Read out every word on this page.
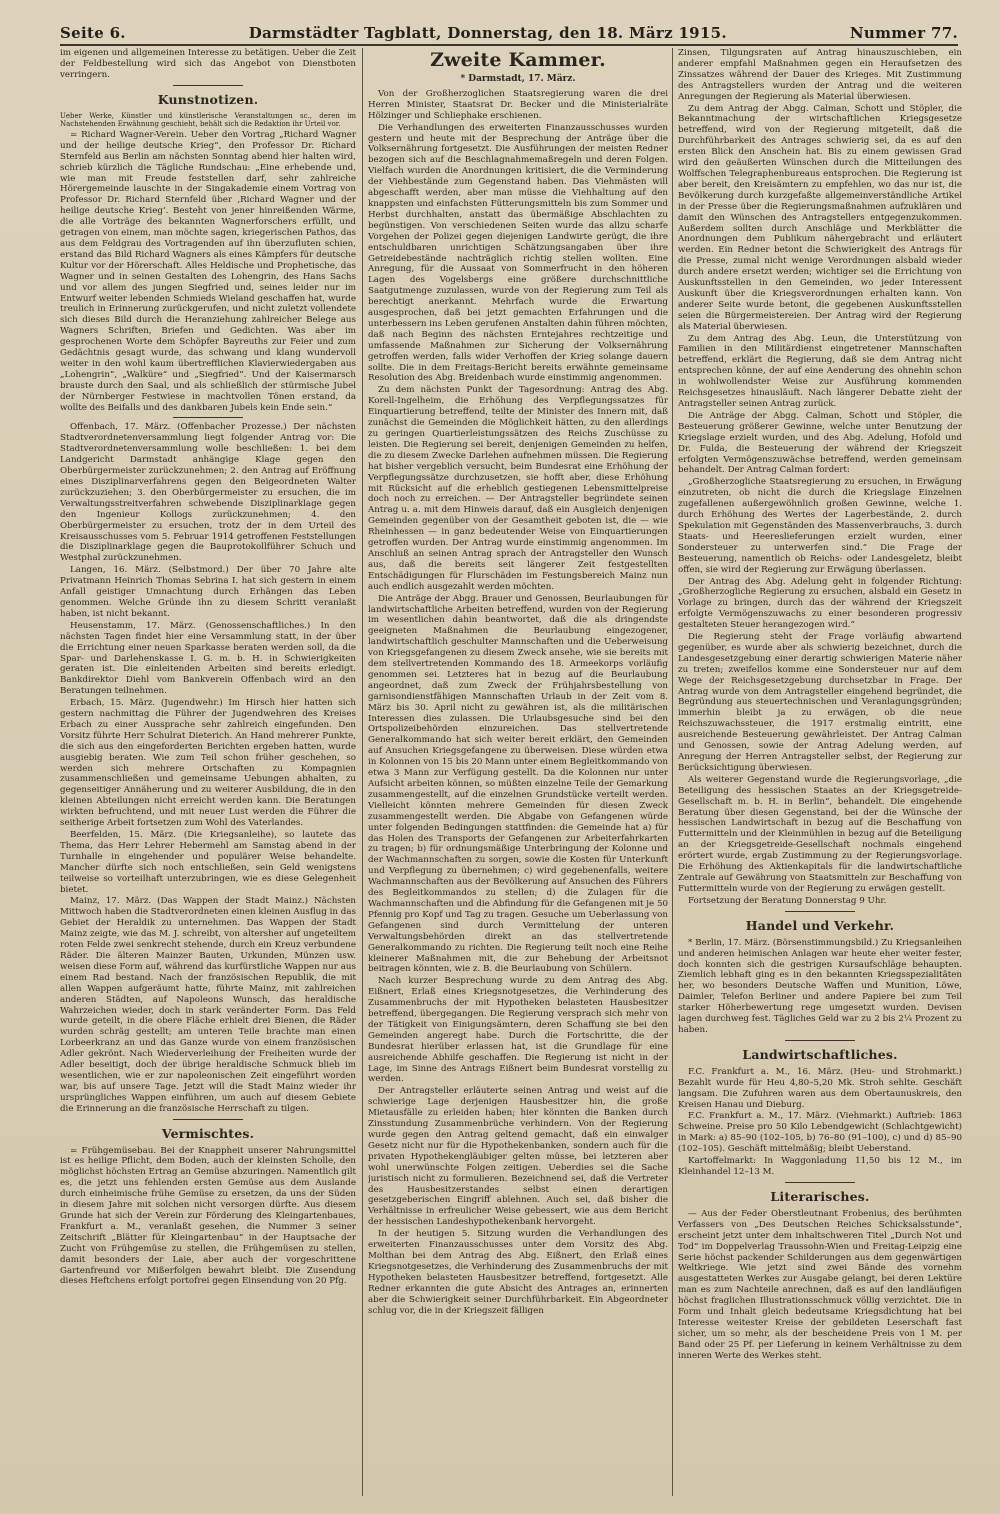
Seite 6.	Darmstädter Tagblatt, Donnerstag, den 18. März 1915.	Nummer 77.

im eigenen und allgemeinen Interesse zu betätigen. Ueber die Zeit der Feldbestellung wird sich das Angebot von Dienstboten verringern.

Kunstnotizen.

Ueber Werke, Künstler und künstlerische Veranstaltungen sc., deren im Nachstehenden Erwähnung geschieht, behält sich die Redaktion ihr Urteil vor.

= Richard Wagner-Verein. Ueber den Vortrag „Richard Wagner und der heilige deutsche Krieg“, den Professor Dr. Richard Sternfeld aus Berlin am nächsten Sonntag abend hier halten wird, schrieb kürzlich die Tägliche Rundschau: „Eine erhebende und, wie man mit Freude feststellen darf, sehr zahlreiche Hörergemeinde lauschte in der Singakademie einem Vortrag von Professor Dr. Richard Sternfeld über ‚Richard Wagner und der heilige deutsche Krieg‘. Besteht von jener hinreißenden Wärme, die alle Vorträge des bekannten Wagnerforschers erfüllt, und getragen von einem, man möchte sagen, kriegerischen Pathos, das aus dem Feldgrau des Vortragenden auf ihn überzufluten schien, erstand das Bild Richard Wagners als eines Kämpfers für deutsche Kultur vor der Hörerschaft. Alles Heldische und Prophetische, das Wagner und in seinen Gestalten des Lohengrin, des Hans Sachs und vor allem des jungen Siegfried und, seines leider nur im Entwurf weiter lebenden Schmieds Wieland geschaffen hat, wurde treulich in Erinnerung zurückgerufen, und nicht zuletzt vollendete sich dieses Bild durch die Heranziehung zahlreicher Belege aus Wagners Schriften, Briefen und Gedichten. Was aber im gesprochenen Worte dem Schöpfer Bayreuths zur Feier und zum Gedächtnis gesagt wurde, das schwang und klang wundervoll weiter in den wohl kaum übertrefflichen Klavierwiedergaben aus „Lohengrin“, „Walküre“ und „Siegfried“. Und der Kaisermarsch brauste durch den Saal, und als schließlich der stürmische Jubel der Nürnberger Festwiese in machtvollen Tönen erstand, da wollte des Beifalls und des dankbaren Jubels kein Ende sein.“

Offenbach, 17. März. (Offenbacher Prozesse.) Der nächsten Stadtverordnetenversammlung liegt folgender Antrag vor: Die Stadtverordnetenversammlung wolle beschließen: 1. bei dem Landgericht Darmstadt anhängige Klage gegen den Oberbürgermeister zurückzunehmen; 2. den Antrag auf Eröffnung eines Disziplinarverfahrens gegen den Beigeordneten Walter zurückzuziehen; 3. den Oberbürgermeister zu ersuchen, die im Verwaltungsstreitverfahren schwebende Disziplinarklage gegen den Ingenieur Kollogs zurückzunehmen; 4. den Oberbürgermeister zu ersuchen, trotz der in dem Urteil des Kreisausschusses vom 5. Februar 1914 getroffenen Feststellungen die Disziplinarklage gegen die Bauprotokollführer Schuch und Westphal zurückzunehmen.

Langen, 16. März. (Selbstmord.) Der über 70 Jahre alte Privatmann Heinrich Thomas Sebrina I. hat sich gestern in einem Anfall geistiger Umnachtung durch Erhängen das Leben genommen. Welche Gründe ihn zu diesem Schritt veranlaßt haben, ist nicht bekannt.

Heusenstamm, 17. März. (Genossenschaftliches.) In den nächsten Tagen findet hier eine Versammlung statt, in der über die Errichtung einer neuen Sparkasse beraten werden soll, da die Spar- und Darlehenskasse I. G. m. b. H. in Schwierigkeiten geraten ist. Die einleitenden Arbeiten sind bereits erledigt. Bankdirektor Diehl vom Bankverein Offenbach wird an den Beratungen teilnehmen.

Erbach, 15. März. (Jugendwehr.) Im Hirsch hier hatten sich gestern nachmittag die Führer der Jugendwehren des Kreises Erbach zu einer Aussprache sehr zahlreich eingefunden. Den Vorsitz führte Herr Schulrat Dieterich. An Hand mehrerer Punkte, die sich aus den eingeforderten Berichten ergeben hatten, wurde ausgiebig beraten. Wie zum Teil schon früher geschehen, so werden sich mehrere Ortschaften zu Kompagnien zusammenschließen und gemeinsame Uebungen abhalten, zu gegenseitiger Annäherung und zu weiterer Ausbildung, die in den kleinen Abteilungen nicht erreicht werden kann. Die Beratungen wirkten befruchtend, und mit neuer Lust werden die Führer die seitherige Arbeit fortsetzen zum Wohl des Vaterlandes.

Beerfelden, 15. März. (Die Kriegsanleihe), so lautete das Thema, das Herr Lehrer Hebermehl am Samstag abend in der Turnhalle in eingehender und populärer Weise behandelte. Mancher dürfte sich noch entschließen, sein Geld wenigstens teilweise so vorteilhaft unterzubringen, wie es diese Gelegenheit bietet.

Mainz, 17. März. (Das Wappen der Stadt Mainz.) Nächsten Mittwoch haben die Stadtverordneten einen kleinen Ausflug in das Gebiet der Heraldik zu unternehmen. Das Wappen der Stadt Mainz zeigte, wie das M. J. schreibt, von altersher auf ungeteiltem roten Felde zwei senkrecht stehende, durch ein Kreuz verbundene Räder. Die älteren Mainzer Bauten, Urkunden, Münzen usw. weisen diese Form auf, während das kurfürstliche Wappen nur aus einem Rad bestand. Nach der französischen Republik, die mit allen Wappen aufgeräumt hatte, führte Mainz, mit zahlreichen anderen Städten, auf Napoleons Wunsch, das heraldische Wahrzeichen wieder, doch in stark veränderter Form. Das Feld wurde geteilt, in die obere Fläche erhielt drei Bienen, die Räder wurden schräg gestellt; am unteren Teile brachte man einen Lorbeerkranz an und das Ganze wurde von einem französischen Adler gekrönt. Nach Wiederverleihung der Freiheiten wurde der Adler beseitigt, doch der übrige heraldische Schmuck blieb im wesentlichen, wie er zur napoleonischen Zeit eingeführt worden war, bis auf unsere Tage. Jetzt will die Stadt Mainz wieder ihr ursprüngliches Wappen einführen, um auch auf diesem Gebiete die Erinnerung an die französische Herrschaft zu tilgen.

Vermischtes.

= Frühgemüsebau. Bei der Knappheit unserer Nahrungsmittel ist es heilige Pflicht, dem Boden, auch der kleinsten Scholle, den möglichst höchsten Ertrag an Gemüse abzuringen. Namentlich gilt es, die jetzt uns fehlenden ersten Gemüse aus dem Auslande durch einheimische frühe Gemüse zu ersetzen, da uns der Süden in diesem Jahre mit solchen nicht versorgen dürfte. Aus diesem Grunde hat sich der Verein zur Förderung des Kleingartenbaues, Frankfurt a. M., veranlaßt gesehen, die Nummer 3 seiner Zeitschrift „Blätter für Kleingartenbau“ in der Hauptsache der Zucht von Frühgemüse zu stellen, die Frühgemüsen zu stellen, damit besonders der Laie, aber auch der vorgeschrittene Gartenfreund vor Mißerfolgen bewahrt bleibt. Die Zusendung dieses Heftchens erfolgt portofrei gegen Einsendung von 20 Pfg.

Zweite Kammer.
* Darmstadt, 17. März.

Von der Großherzoglichen Staatsregierung waren die drei Herren Minister, Staatsrat Dr. Becker und die Ministerialräte Hölzinger und Schliephake erschienen.

Die Verhandlungen des erweiterten Finanzausschusses wurden gestern und heute mit der Besprechung der Anträge über die Volksernährung fortgesetzt. Die Ausführungen der meisten Redner bezogen sich auf die Beschlagnahmemaßregeln und deren Folgen. Vielfach wurden die Anordnungen kritisiert, die die Verminderung der Viehbestände zum Gegenstand haben. Das Viehmästen will abgeschafft werden, aber man müsse die Viehhaltung auf den knappsten und einfachsten Fütterungsmitteln bis zum Sommer und Herbst durchhalten, anstatt das übermäßige Abschlachten zu begünstigen. Von verschiedenen Seiten wurde das allzu scharfe Vorgehen der Polizei gegen diejenigen Landwirte gerügt, die ihre entschuldbaren unrichtigen Schätzungsangaben über ihre Getreidebestände nachträglich richtig stellen wollten. Eine Anregung, für die Aussaat von Sommerfrucht in den höheren Lagen des Vogelsbergs eine größere durchschnittliche Saatgutmenge zuzulassen, wurde von der Regierung zum Teil als berechtigt anerkannt. Mehrfach wurde die Erwartung ausgesprochen, daß bei jetzt gemachten Erfahrungen und die unterbessern ins Leben gerufenen Anstalten dahin führen möchten, daß nach Beginn des nächsten Erntejahres rechtzeitige und umfassende Maßnahmen zur Sicherung der Volksernährung getroffen werden, falls wider Verhoffen der Krieg solange dauern sollte. Die in dem Freitags-Bericht bereits erwähnte gemeinsame Resolution des Abg. Breidenbach wurde einstimmig angenommen.

Zu dem nächsten Punkt der Tagesordnung: Antrag des Abg. Korell-Ingelheim, die Erhöhung des Verpflegungssatzes für Einquartierung betreffend, teilte der Minister des Innern mit, daß zunächst die Gemeinden die Möglichkeit hätten, zu den allerdings zu geringen Quartierleistungssätzen des Reichs Zuschüsse zu leisten. Die Regierung sei bereit, denjenigen Gemeinden zu helfen, die zu diesem Zwecke Darlehen aufnehmen müssen. Die Regierung hat bisher vergeblich versucht, beim Bundesrat eine Erhöhung der Verpflegungssätze durchzusetzen, sie hofft aber, diese Erhöhung mit Rücksicht auf die erheblich gestiegenen Lebensmittelpreise doch noch zu erreichen. — Der Antragsteller begründete seinen Antrag u. a. mit dem Hinweis darauf, daß ein Ausgleich denjenigen Gemeinden gegenüber von der Gesamtheit geboten ist, die — wie Rheinhessen — in ganz bedeutender Weise von Einquartierungen getroffen wurden. Der Antrag wurde einstimmig angenommen. Im Anschluß an seinen Antrag sprach der Antragsteller den Wunsch aus, daß die bereits seit längerer Zeit festgestellten Entschädigungen für Flurschäden im Festungsbereich Mainz nun auch endlich ausgezahlt werden möchten.

Die Anträge der Abgg. Brauer und Genossen, Beurlaubungen für landwirtschaftliche Arbeiten betreffend, wurden von der Regierung im wesentlichen dahin beantwortet, daß die als dringendste geeigneten Maßnahmen die Beurlaubung eingezogener, landwirtschaftlich geschulter Mannschaften und die Ueberweisung von Kriegsgefangenen zu diesem Zweck ansehe, wie sie bereits mit dem stellvertretenden Kommando des 18. Armeekorps vorläufig genommen sei. Letzteres hat in bezug auf die Beurlaubung angeordnet, daß zum Zweck der Frühjahrsbestellung von garnisondienstfähigen Mannschaften Urlaub in der Zeit vom 8. März bis 30. April nicht zu gewähren ist, als die militärischen Interessen dies zulassen. Die Urlaubsgesuche sind bei den Ortspolizeibehörden einzureichen. Das stellvertretende Generalkommando hat sich weiter bereit erklärt, den Gemeinden auf Ansuchen Kriegsgefangene zu überweisen. Diese würden etwa in Kolonnen von 15 bis 20 Mann unter einem Begleitkommando von etwa 3 Mann zur Verfügung gestellt. Da die Kolonnen nur unter Aufsicht arbeiten können, so müßten einzelne Teile der Gemarkung zusammengestellt, auf die einzelnen Grundstücke verteilt werden. Vielleicht könnten mehrere Gemeinden für diesen Zweck zusammengestellt werden. Die Abgabe von Gefangenen würde unter folgenden Bedingungen stattfinden: die Gemeinde hat a) für das Holen des Transports der Gefangenen zur Arbeiterfahrkarten zu tragen; b) für ordnungsmäßige Unterbringung der Kolonne und der Wachmannschaften zu sorgen, sowie die Kosten für Unterkunft und Verpflegung zu übernehmen; c) wird gegebenenfalls, weitere Wachmannschaften aus der Bevölkerung auf Ansuchen des Führers des Begleitkommandos zu stellen; d) die Zulagen für die Wachmannschaften und die Abfindung für die Gefangenen mit je 50 Pfennig pro Kopf und Tag zu tragen. Gesuche um Ueberlassung von Gefangenen sind durch Vermittelung der unteren Verwaltungsbehörden direkt an das stellvertretende Generalkommando zu richten. Die Regierung teilt noch eine Reihe kleinerer Maßnahmen mit, die zur Behebung der Arbeitsnot beitragen könnten, wie z. B. die Beurlaubung von Schülern.

Nach kurzer Besprechung wurde zu dem Antrag des Abg. Eißnert, Erlaß eines Kriegsnotgesetzes, die Verhinderung des Zusammenbruchs der mit Hypotheken belasteten Hausbesitzer betreffend, übergegangen. Die Regierung versprach sich mehr von der Tätigkeit von Einigungsämtern, deren Schaffung sie bei den Gemeinden angeregt habe. Durch die Fortschritte, die der Bundesrat hierüber erlassen hat, ist die Grundlage für eine ausreichende Abhilfe geschaffen. Die Regierung ist nicht in der Lage, im Sinne des Antrags Eißnert beim Bundesrat vorstellig zu werden.

Der Antragsteller erläuterte seinen Antrag und weist auf die schwierige Lage derjenigen Hausbesitzer hin, die große Mietausfälle zu erleiden haben; hier könnten die Banken durch Zinsstundung Zusammenbrüche verhindern. Von der Regierung wurde gegen den Antrag geltend gemacht, daß ein einwalger Gesetz nicht nur für die Hypothekenbanken, sondern auch für die privaten Hypothekengläubiger gelten müsse, bei letzteren aber wohl unerwünschte Folgen zeitigen. Ueberdies sei die Sache juristisch nicht zu formulieren. Bezeichnend sei, daß die Vertreter des Hausbesitzerstandes selbst einen derartigen gesetzgeberischen Eingriff ablehnen. Auch sei, daß bisher die Verhältnisse in erfreulicher Weise gebessert, wie aus dem Bericht der hessischen Landeshypothekenbank hervorgeht.

In der heutigen 5. Sitzung wurden die Verhandlungen des erweiterten Finanzausschusses unter dem Vorsitz des Abg. Molthan bei dem Antrag des Abg. Eißnert, den Erlaß eines Kriegsnotgesetzes, die Verhinderung des Zusammenbruchs der mit Hypotheken belasteten Hausbesitzer betreffend, fortgesetzt. Alle Redner erkannten die gute Absicht des Antrages an, erinnerten aber die Schwierigkeit seiner Durchführbarkeit. Ein Abgeordneter schlug vor, die in der Kriegszeit fälligen

Zinsen, Tilgungsraten auf Antrag hinauszuschieben, ein anderer empfahl Maßnahmen gegen ein Heraufsetzen des Zinssatzes während der Dauer des Krieges. Mit Zustimmung des Antragstellers wurden der Antrag und die weiteren Anregungen der Regierung als Material überwiesen.

Zu dem Antrag der Abgg. Calman, Schott und Stöpler, die Bekanntmachung der wirtschaftlichen Kriegsgesetze betreffend, wird von der Regierung mitgeteilt, daß die Durchführbarkeit des Antrages schwierig sei, da es auf den ersten Blick den Anschein hat. Bis zu einem gewissen Grad wird den geäußerten Wünschen durch die Mitteilungen des Wolffschen Telegraphenbureaus entsprochen. Die Regierung ist aber bereit, den Kreisämtern zu empfehlen, wo das nur ist, die Bevölkerung durch kurzgefaßte allgemeinverständliche Artikel in der Presse über die Regierungsmaßnahmen aufzuklären und damit den Wünschen des Antragstellers entgegenzukommen. Außerdem sollten durch Anschläge und Merkblätter die Anordnungen dem Publikum nähergebracht und erläutert werden. Ein Redner betont die Schwierigkeit des Antrags für die Presse, zumal nicht wenige Verordnungen alsbald wieder durch andere ersetzt werden; wichtiger sei die Errichtung von Auskunftsstellen in den Gemeinden, wo jeder Interessent Auskunft über die Kriegsverordnungen erhalten kann. Von anderer Seite wurde betont, die gegebenen Auskunftsstellen seien die Bürgermeistereien. Der Antrag wird der Regierung als Material überwiesen.

Zu dem Antrag des Abg. Leun, die Unterstützung von Familien in den Militärdienst eingetretener Mannschaften betreffend, erklärt die Regierung, daß sie dem Antrag nicht entsprechen könne, der auf eine Aenderung des ohnehin schon in wohlwollendster Weise zur Ausführung kommenden Reichsgesetzes hinausläuft. Nach längerer Debatte zieht der Antragsteller seinen Antrag zurück.

Die Anträge der Abgg. Calman, Schott und Stöpler, die Besteuerung größerer Gewinne, welche unter Benutzung der Kriegslage erzielt wurden, und des Abg. Adelung, Hofold und Dr. Fulda, die Besteuerung der während der Kriegszeit erfolgten Vermögenszuwächse betreffend, werden gemeinsam behandelt. Der Antrag Calman fordert:

„Großherzogliche Staatsregierung zu ersuchen, in Erwägung einzutreten, ob nicht die durch die Kriegslage Einzelnen zugefallenen außergewöhnlich großen Gewinne, welche 1. durch Erhöhung des Wertes der Lagerbestände, 2. durch Spekulation mit Gegenständen des Massenverbrauchs, 3. durch Staats- und Heereslieferungen erzielt wurden, einer Sondersteuer zu unterwerfen sind.“ Die Frage der Besteuerung, namentlich ob Reichs- oder Landesgeletz, bleibt offen, sie wird der Regierung zur Erwägung überlassen.

Der Antrag des Abg. Adelung geht in folgender Richtung: „Großherzogliche Regierung zu ersuchen, alsbald ein Gesetz in Vorlage zu bringen, durch das der während der Kriegszeit erfolgte Vermögenszuwachs zu einer besonderen progressiv gestalteten Steuer herangezogen wird.“

Die Regierung steht der Frage vorläufig abwartend gegenüber, es wurde aber als schwierig bezeichnet, durch die Landesgesetzgebung einer derartig schwierigen Materie näher zu treten; zweifellos komme eine Sondersteuer nur auf dem Wege der Reichsgesetzgebung durchsetzbar in Frage. Der Antrag wurde von dem Antragsteller eingehend begründet, die Begründung aus steuertechnischen und Veranlagungsgründen; immerhin bleibt ja zu erwägen, ob die neue Reichszuwachssteuer, die 1917 erstmalig eintritt, eine ausreichende Besteuerung gewährleistet. Der Antrag Calman und Genossen, sowie der Antrag Adelung werden, auf Anregung der Herren Antragsteller selbst, der Regierung zur Berücksichtigung überwiesen.

Als weiterer Gegenstand wurde die Regierungsvorlage, „die Beteiligung des hessischen Staates an der Kriegsgetreide-Gesellschaft m. b. H. in Berlin“, behandelt. Die eingehende Beratung über diesen Gegenstand, bei der die Wünsche der hessischen Landwirtschaft in bezug auf die Beschaffung von Futtermitteln und der Kleinmühlen in bezug auf die Beteiligung an der Kriegsgetreide-Gesellschaft nochmals eingehend erörtert wurde, ergab Zustimmung zu der Regierungsvorlage. Die Erhöhung des Aktienkapitals für die landwirtschaftliche Zentrale auf Gewährung von Staatsmitteln zur Beschaffung von Futtermitteln wurde von der Regierung zu erwägen gestellt.

Fortsetzung der Beratung Donnerstag 9 Uhr.

Handel und Verkehr.

* Berlin, 17. März. (Börsenstimmungsbild.) Zu Kriegsanleihen und anderen heimischen Anlagen war heute eher weiter fester, doch konnten sich die gestrigen Kursaufschläge behaupten. Ziemlich lebhaft ging es in den bekannten Kriegsspezialitäten her, wo besonders Deutsche Waffen und Munition, Löwe, Daimler, Telefon Berliner und andere Papiere bei zum Teil starker Höherbewertung rege umgesetzt wurden. Devisen lagen durchweg fest. Tägliches Geld war zu 2 bis 2¼ Prozent zu haben.

Landwirtschaftliches.

F.C. Frankfurt a. M., 16. März. (Heu- und Strohmarkt.) Bezahlt wurde für Heu 4,80–5,20 Mk. Stroh sehlte. Geschäft langsam. Die Zufuhren waren aus dem Obertaunuskreis, den Kreisen Hanau und Dieburg.

F.C. Frankfurt a. M., 17. März. (Viehmarkt.) Auftrieb: 1863 Schweine. Preise pro 50 Kilo Lebendgewicht (Schlachtgewicht) in Mark: a) 85–90 (102–105, b) 76–80 (91–100), c) und d) 85–90 (102–105). Geschäft mittelmäßig; bleibt Ueberstand.

Kartoffelmarkt: In Waggonladung 11,50 bis 12 M., im Kleinhandel 12–13 M.

Literarisches.

— Aus der Feder Oberstleutnant Frobenius, des berühmten Verfassers von „Des Deutschen Reiches Schicksalsstunde“, erscheint jetzt unter dem inhaltschweren Titel „Durch Not und Tod“ im Doppelverlag Traussohn-Wien und Freitag-Leipzig eine Serie höchst packender Schilderungen aus dem gegenwärtigen Weltkriege. Wie jetzt sind zwei Bände des vornehm ausgestatteten Werkes zur Ausgabe gelangt, bei deren Lektüre man es zum Nachteile anrechnen, daß es auf den landläufigen höchst fraglichen Illustrationsschmuck völlig verzichtet. Die in Form und Inhalt gleich bedeutsame Kriegsdichtung hat bei Interesse weitester Kreise der gebildeten Leserschaft fast sicher, um so mehr, als der bescheidene Preis von 1 M. per Band oder 25 Pf. per Lieferung in keinem Verhältnisse zu dem inneren Werte des Werkes steht.
